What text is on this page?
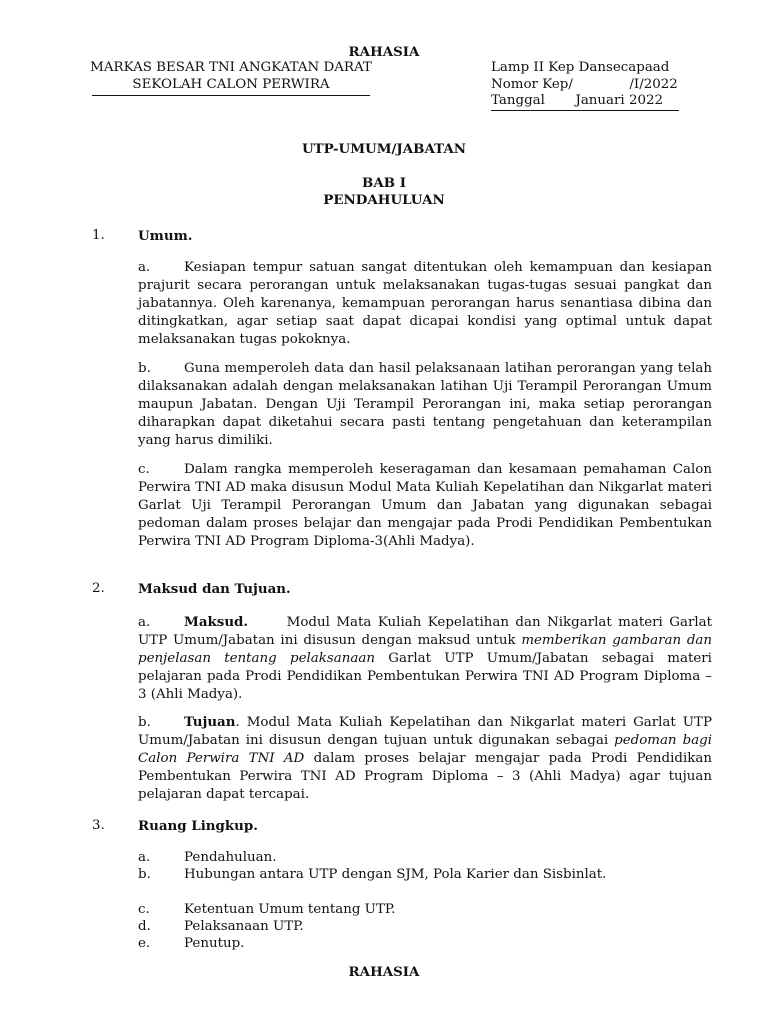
RAHASIA
MARKAS BESAR TNI ANGKATAN DARAT
SEKOLAH CALON PERWIRA
Lamp II Kep Dansecapaad
Nomor Kep/	/I/2022
Tanggal Januari 2022
UTP-UMUM/JABATAN
BAB I
PENDAHULUAN
1. Umum.

a.	Kesiapan tempur satuan sangat ditentukan oleh kemampuan dan kesiapan prajurit secara perorangan untuk melaksanakan tugas-tugas sesuai pangkat dan jabatannya. Oleh karenanya, kemampuan perorangan harus senantiasa dibina dan ditingkatkan, agar setiap saat dapat dicapai kondisi yang optimal untuk dapat melaksanakan tugas pokoknya.

b. Guna memperoleh data dan hasil pelaksanaan latihan perorangan yang telah dilaksanakan adalah dengan melaksanakan latihan Uji Terampil Perorangan Umum maupun Jabatan. Dengan Uji Terampil Perorangan ini, maka setiap perorangan diharapkan dapat diketahui secara pasti tentang pengetahuan dan keterampilan yang harus dimiliki.

c.	Dalam rangka memperoleh keseragaman dan kesamaan pemahaman Calon Perwira TNI AD maka disusun Modul Mata Kuliah Kepelatihan dan Nikgarlat materi Garlat Uji Terampil Perorangan Umum dan Jabatan yang digunakan sebagai pedoman dalam proses belajar dan mengajar pada Prodi Pendidikan Pembentukan Perwira TNI AD Program Diploma-3(Ahli Madya).

2. Maksud dan Tujuan.

a.	Maksud.	Modul Mata Kuliah Kepelatihan dan Nikgarlat materi Garlat UTP Umum/Jabatan ini disusun dengan maksud untuk memberikan gambaran dan penjelasan tentang pelaksanaan Garlat UTP Umum/Jabatan sebagai materi pelajaran pada Prodi Pendidikan Pembentukan Perwira TNI AD Program Diploma – 3 (Ahli Madya).

b. Tujuan. Modul Mata Kuliah Kepelatihan dan Nikgarlat materi Garlat UTP Umum/Jabatan ini disusun dengan tujuan untuk digunakan sebagai pedoman bagi Calon Perwira TNI AD dalam proses belajar mengajar pada Prodi Pendidikan Pembentukan Perwira TNI AD Program Diploma – 3 (Ahli Madya) agar tujuan pelajaran dapat tercapai.

3. Ruang Lingkup.
a.	Pendahuluan.

b. Hubungan antara UTP dengan SJM, Pola Karier dan Sisbinlat.

c.	Ketentuan Umum tentang UTP.
d. Pelaksanaan UTP.
e.	Penutup.
RAHASIA
